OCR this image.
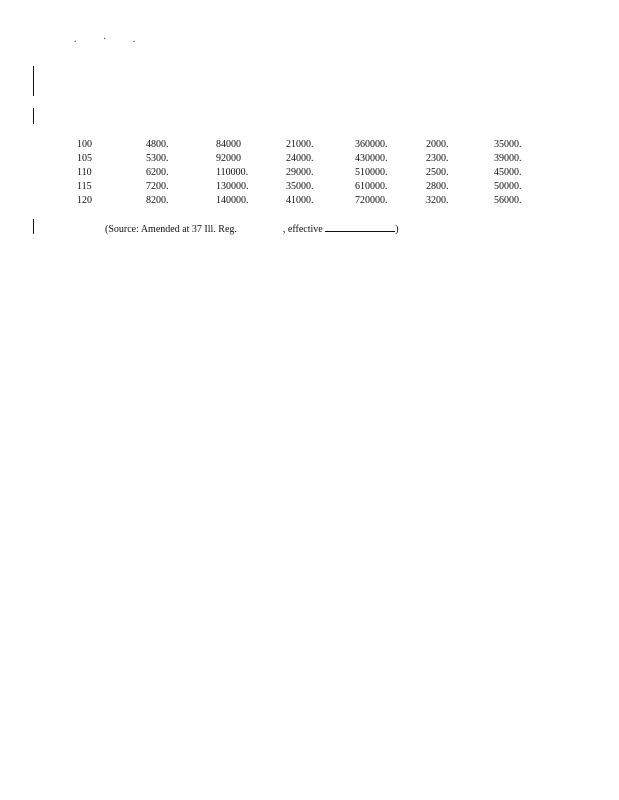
. · .
100	4800.	84000	21000.	360000.	2000.	35000.
105	5300.	92000	24000.	430000.	2300.	39000.
110	6200.	110000.	29000.	510000.	2500.	45000.
115	7200.	130000.	35000.	610000.	2800.	50000.
120	8200.	140000.	41000.	720000.	3200.	56000.
(Source: Amended at 37 Ill. Reg.	, effective	)
